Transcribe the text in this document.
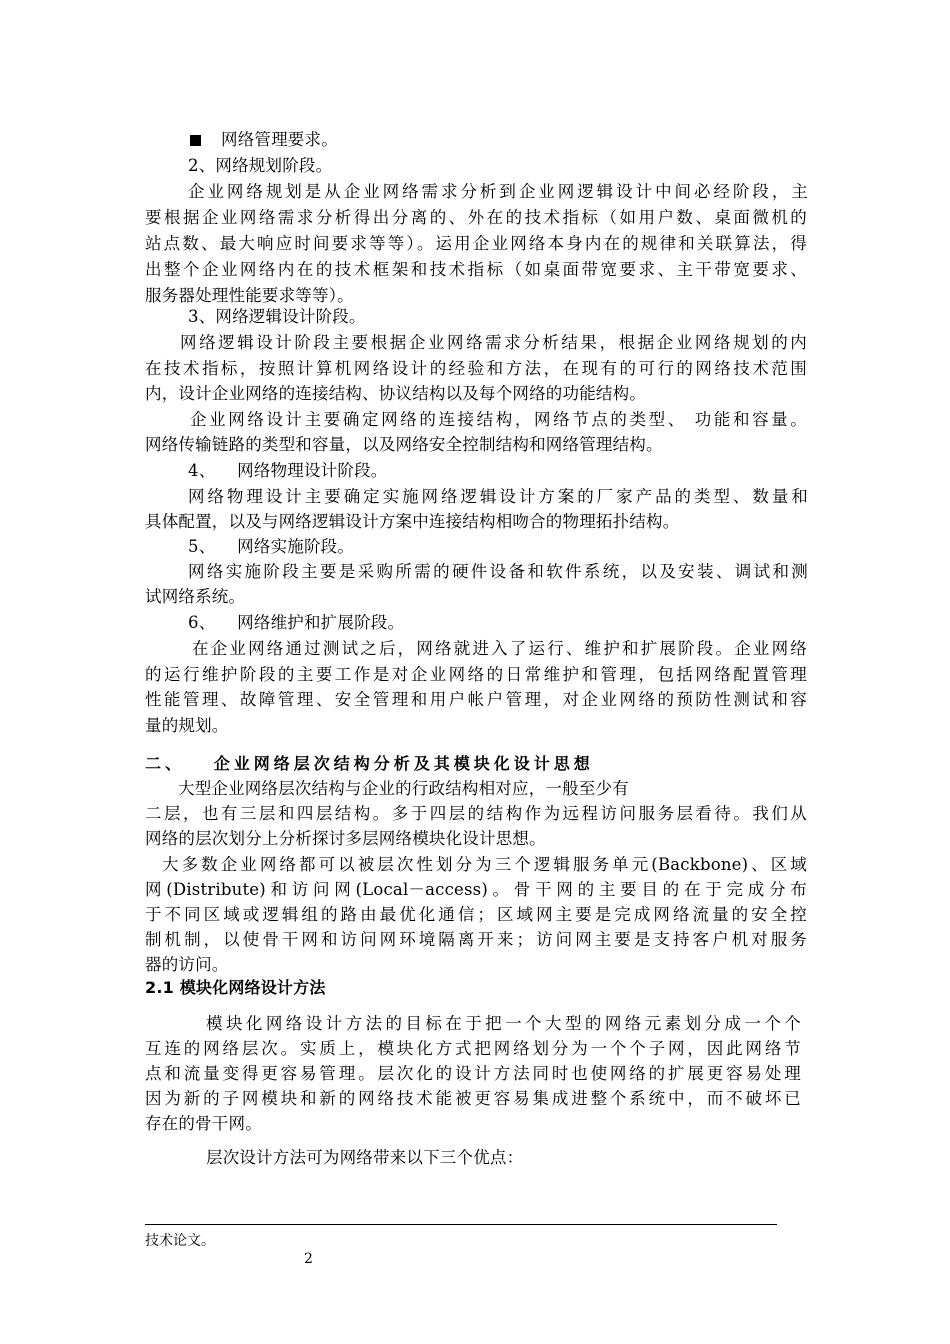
网络管理要求。
2、网络规划阶段。
企业网络规划是从企业网络需求分析到企业网逻辑设计中间必经阶段，主
要根据企业网络需求分析得出分离的、外在的技术指标（如用户数、桌面微机的
站点数、最大响应时间要求等等）。运用企业网络本身内在的规律和关联算法，得
出整个企业网络内在的技术框架和技术指标（如桌面带宽要求、主干带宽要求、
服务器处理性能要求等等）。
3、网络逻辑设计阶段。
网络逻辑设计阶段主要根据企业网络需求分析结果，根据企业网络规划的内
在技术指标，按照计算机网络设计的经验和方法，在现有的可行的网络技术范围
内，设计企业网络的连接结构、协议结构以及每个网络的功能结构。
企业网络设计主要确定网络的连接结构，网络节点的类型、 功能和容量。
网络传输链路的类型和容量，以及网络安全控制结构和网络管理结构。
4、    网络物理设计阶段。
网络物理设计主要确定实施网络逻辑设计方案的厂家产品的类型、数量和
具体配置，以及与网络逻辑设计方案中连接结构相吻合的物理拓扑结构。
5、    网络实施阶段。
网络实施阶段主要是采购所需的硬件设备和软件系统，以及安装、调试和测
试网络系统。
6、    网络维护和扩展阶段。
在企业网络通过测试之后，网络就进入了运行、维护和扩展阶段。企业网络
的运行维护阶段的主要工作是对企业网络的日常维护和管理，包括网络配置管理
性能管理、故障管理、安全管理和用户帐户管理，对企业网络的预防性测试和容
量的规划。
二、   企业网络层次结构分析及其模块化设计思想
大型企业网络层次结构与企业的行政结构相对应，一般至少有
二层，也有三层和四层结构。多于四层的结构作为远程访问服务层看待。我们从
网络的层次划分上分析探讨多层网络模块化设计思想。
大多数企业网络都可以被层次性划分为三个逻辑服务单元(Backbone)、区域
网(Distribute)和访问网(Local－access)。骨干网的主要目的在于完成分布
于不同区域或逻辑组的路由最优化通信；区域网主要是完成网络流量的安全控
制机制，以使骨干网和访问网环境隔离开来；访问网主要是支持客户机对服务
器的访问。
2.1 模块化网络设计方法
模块化网络设计方法的目标在于把一个大型的网络元素划分成一个个
互连的网络层次。实质上，模块化方式把网络划分为一个个子网，因此网络节
点和流量变得更容易管理。层次化的设计方法同时也使网络的扩展更容易处理
因为新的子网模块和新的网络技术能被更容易集成进整个系统中，而不破坏已
存在的骨干网。
层次设计方法可为网络带来以下三个优点：
技术论文。
2
